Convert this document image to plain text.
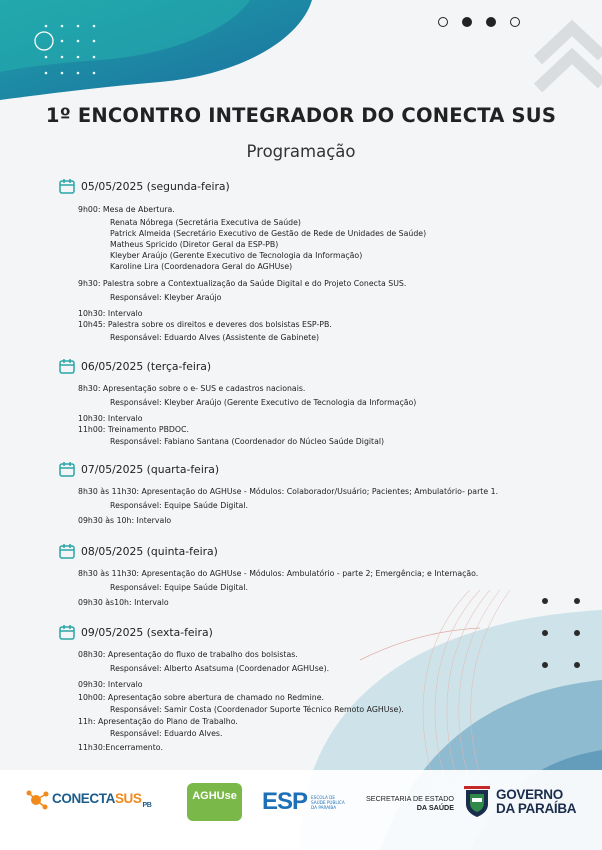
1º ENCONTRO INTEGRADOR DO CONECTA SUS
Programação
05/05/2025 (segunda-feira)
9h00: Mesa de Abertura.
Renata Nóbrega (Secretária Executiva de Saúde)
Patrick Almeida (Secretário Executivo de Gestão de Rede de Unidades de Saúde)
Matheus Spricido (Diretor Geral da ESP-PB)
Kleyber Araújo (Gerente Executivo de Tecnologia da Informação)
Karoline Lira (Coordenadora Geral do AGHUse)
9h30: Palestra sobre a Contextualização da Saúde Digital e do Projeto Conecta SUS.
Responsável: Kleyber Araújo
10h30: Intervalo
10h45: Palestra sobre os direitos e deveres dos bolsistas ESP-PB.
Responsável: Eduardo Alves (Assistente de Gabinete)
06/05/2025 (terça-feira)
8h30: Apresentação sobre o e- SUS e cadastros nacionais.
Responsável: Kleyber Araújo (Gerente Executivo de Tecnologia da Informação)
10h30: Intervalo
11h00: Treinamento PBDOC.
Responsável: Fabiano Santana (Coordenador do Núcleo Saúde Digital)
07/05/2025 (quarta-feira)
8h30 às 11h30: Apresentação do AGHUse - Módulos: Colaborador/Usuário; Pacientes; Ambulatório- parte 1.
Responsável: Equipe Saúde Digital.
09h30 às 10h: Intervalo
08/05/2025 (quinta-feira)
8h30 às 11h30: Apresentação do AGHUse - Módulos: Ambulatório - parte 2; Emergência; e Internação.
Responsável: Equipe Saúde Digital.
09h30 às10h: Intervalo
09/05/2025 (sexta-feira)
08h30: Apresentação do fluxo de trabalho dos bolsistas.
Responsável: Alberto Asatsuma (Coordenador AGHUse).
09h30: Intervalo
10h00: Apresentação sobre abertura de chamado no Redmine.
Responsável: Samir Costa (Coordenador Suporte Técnico Remoto AGHUse).
11h: Apresentação do Plano de Trabalho.
Responsável: Eduardo Alves.
11h30:Encerramento.
$CONECTASUS_{PB}$
AGHUse ESP ESCOLA DE SAÚDE PÚBLICA DA PARAÍBA
SECRETARIA DE ESTADO
DA SAÚDE
GOVERNO
DA PARAÍBA
